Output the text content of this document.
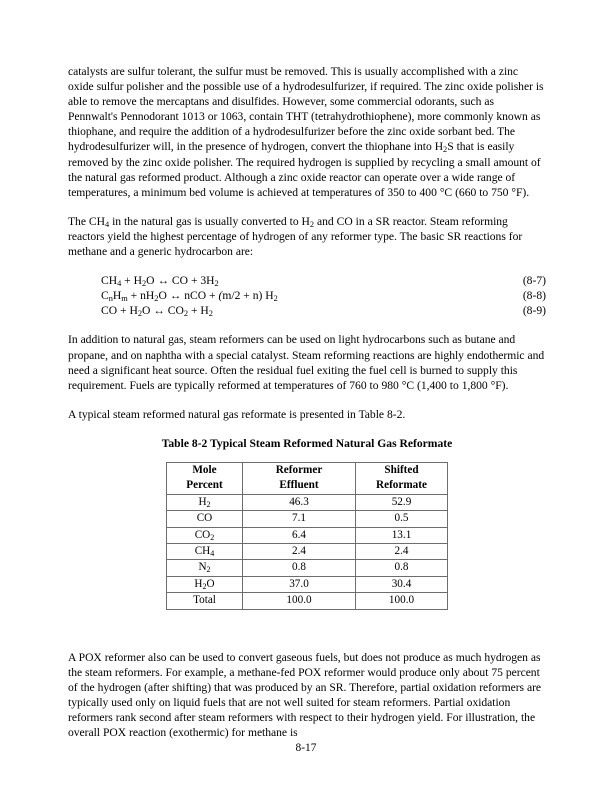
catalysts are sulfur tolerant, the sulfur must be removed. This is usually accomplished with a zinc oxide sulfur polisher and the possible use of a hydrodesulfurizer, if required. The zinc oxide polisher is able to remove the mercaptans and disulfides. However, some commercial odorants, such as Pennwalt's Pennodorant 1013 or 1063, contain THT (tetrahydrothiophene), more commonly known as thiophane, and require the addition of a hydrodesulfurizer before the zinc oxide sorbant bed. The hydrodesulfurizer will, in the presence of hydrogen, convert the thiophane into $H_2S$ that is easily removed by the zinc oxide polisher. The required hydrogen is supplied by recycling a small amount of the natural gas reformed product. Although a zinc oxide reactor can operate over a wide range of temperatures, a minimum bed volume is achieved at temperatures of 350 to 400 °C (660 to 750 °F).

The $CH_4$ in the natural gas is usually converted to $H_2$ and CO in a SR reactor. Steam reforming reactors yield the highest percentage of hydrogen of any reformer type. The basic SR reactions for methane and a generic hydrocarbon are:

$CH_4 + H_2O$ ↔ CO + $3H_2$	(8-7)
$C_nH_m + nH_2O$ ↔ nCO + (m/2 + n) $H_2$	(8-8)
CO + $H_2O$ ↔ $CO_2 + H_2$	(8-9)

In addition to natural gas, steam reformers can be used on light hydrocarbons such as butane and propane, and on naphtha with a special catalyst. Steam reforming reactions are highly endothermic and need a significant heat source. Often the residual fuel exiting the fuel cell is burned to supply this requirement. Fuels are typically reformed at temperatures of 760 to 980 °C (1,400 to 1,800 °F).

A typical steam reformed natural gas reformate is presented in Table 8-2.

Table 8-2 Typical Steam Reformed Natural Gas Reformate
Mole	Reformer	Shifted
Percent	Effluent	Reformate
$H_2$	46.3	52.9
CO	7.1	0.5
$CO_2$	6.4	13.1
$CH_4$	2.4	2.4
$N_2$	0.8	0.8
$H_2O$	37.0	30.4
Total	100.0	100.0

A POX reformer also can be used to convert gaseous fuels, but does not produce as much hydrogen as the steam reformers. For example, a methane-fed POX reformer would produce only about 75 percent of the hydrogen (after shifting) that was produced by an SR. Therefore, partial oxidation reformers are typically used only on liquid fuels that are not well suited for steam reformers. Partial oxidation reformers rank second after steam reformers with respect to their hydrogen yield. For illustration, the overall POX reaction (exothermic) for methane is

8-17
